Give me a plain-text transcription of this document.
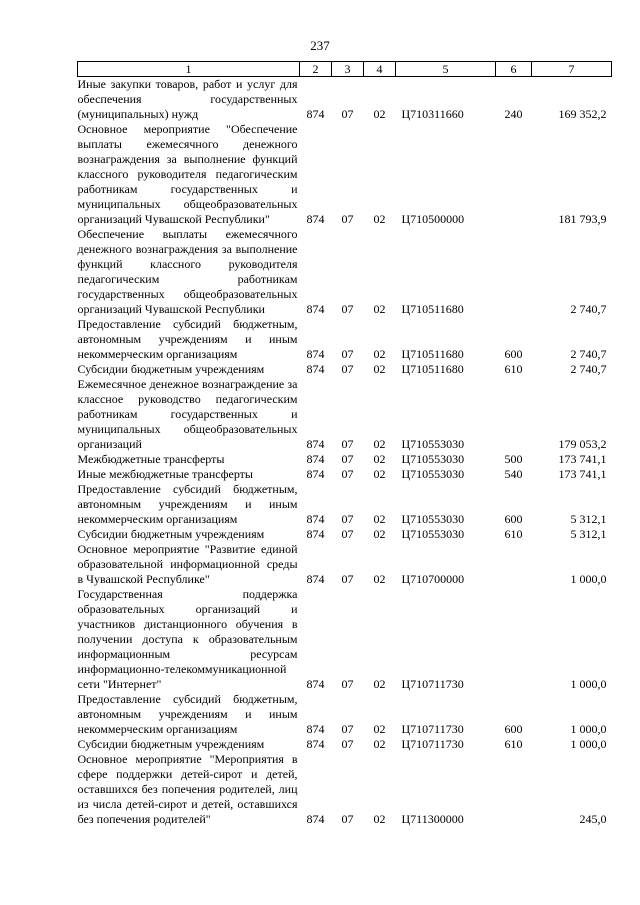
237
1	2	3	4	5	6	7
Иные закупки товаров, работ и услуг для обеспечения государственных (муниципальных) нужд	874	07	02	Ц710311660	240	169 352,2
Основное мероприятие "Обеспечение выплаты ежемесячного денежного вознаграждения за выполнение функций классного руководителя педагогическим работникам государственных и муниципальных общеобразовательных организаций Чувашской Республики"	874	07	02	Ц710500000		181 793,9
Обеспечение выплаты ежемесячного денежного вознаграждения за выполнение функций классного руководителя педагогическим работникам государственных общеобразовательных организаций Чувашской Республики	874	07	02	Ц710511680		2 740,7
Предоставление субсидий бюджетным, автономным учреждениям и иным некоммерческим организациям	874	07	02	Ц710511680	600	2 740,7
Субсидии бюджетным учреждениям	874	07	02	Ц710511680	610	2 740,7
Ежемесячное денежное вознаграждение за классное руководство педагогическим работникам государственных и муниципальных общеобразовательных организаций	874	07	02	Ц710553030		179 053,2
Межбюджетные трансферты	874	07	02	Ц710553030	500	173 741,1
Иные межбюджетные трансферты	874	07	02	Ц710553030	540	173 741,1
Предоставление субсидий бюджетным, автономным учреждениям и иным некоммерческим организациям	874	07	02	Ц710553030	600	5 312,1
Субсидии бюджетным учреждениям	874	07	02	Ц710553030	610	5 312,1
Основное мероприятие "Развитие единой образовательной информационной среды в Чувашской Республике"	874	07	02	Ц710700000		1 000,0
Государственная поддержка образовательных организаций и участников дистанционного обучения в получении доступа к образовательным информационным ресурсам информационно-телекоммуникационной сети "Интернет"	874	07	02	Ц710711730		1 000,0
Предоставление субсидий бюджетным, автономным учреждениям и иным некоммерческим организациям	874	07	02	Ц710711730	600	1 000,0
Субсидии бюджетным учреждениям	874	07	02	Ц710711730	610	1 000,0
Основное мероприятие "Мероприятия в сфере поддержки детей-сирот и детей, оставшихся без попечения родителей, лиц из числа детей-сирот и детей, оставшихся без попечения родителей"	874	07	02	Ц711300000		245,0
